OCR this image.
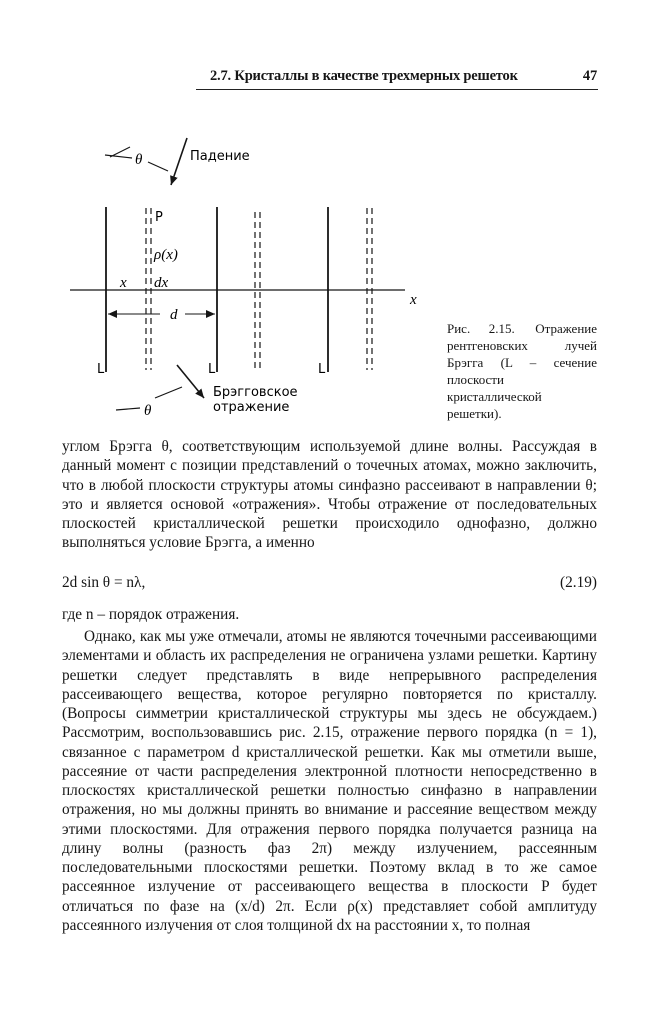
2.7. Кристаллы в качестве трехмерных решеток	47
θ	Падение
P
ρ(x)
x dx
d
x
L	L	L
Брэгговское
отражение
θ
Рис. 2.15. Отражение рентгеновских лучей Брэгга (L – сечение плоскости кристаллической решетки).
углом Брэгга θ, соответствующим используемой длине волны. Рассуждая в данный момент с позиции представлений о точечных атомах, можно заключить, что в любой плоскости структуры атомы синфазно рассеивают в направлении θ; это и является основой «отражения». Чтобы отражение от последовательных плоскостей кристаллической решетки происходило однофазно, должно выполняться условие Брэгга, а именно
2d sin θ = nλ,	(2.19)
где n – порядок отражения.
Однако, как мы уже отмечали, атомы не являются точечными рассеивающими элементами и область их распределения не ограничена узлами решетки. Картину решетки следует представлять в виде непрерывного распределения рассеивающего вещества, которое регулярно повторяется по кристаллу. (Вопросы симметрии кристаллической структуры мы здесь не обсуждаем.) Рассмотрим, воспользовавшись рис. 2.15, отражение первого порядка (n = 1), связанное с параметром d кристаллической решетки. Как мы отметили выше, рассеяние от части распределения электронной плотности непосредственно в плоскостях кристаллической решетки полностью синфазно в направлении отражения, но мы должны принять во внимание и рассеяние веществом между этими плоскостями. Для отражения первого порядка получается разница на длину волны (разность фаз 2π) между излучением, рассеянным последовательными плоскостями решетки. Поэтому вклад в то же самое рассеянное излучение от рассеивающего вещества в плоскости P будет отличаться по фазе на (x/d) 2π. Если ρ(x) представляет собой амплитуду рассеянного излучения от слоя толщиной dx на расстоянии x, то полная
